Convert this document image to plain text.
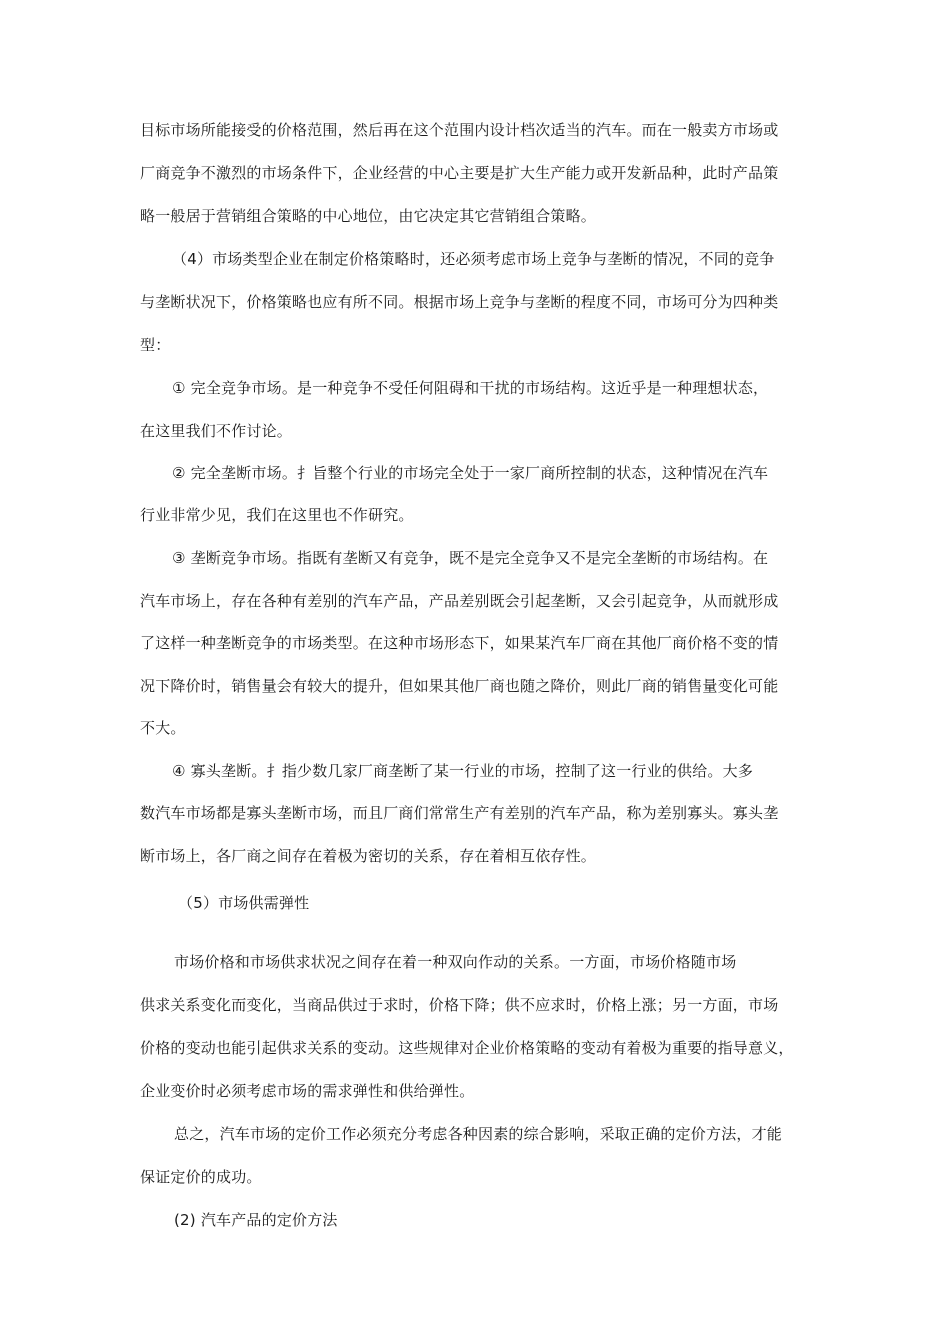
目标市场所能接受的价格范围，然后再在这个范围内设计档次适当的汽车。而在一般卖方市场或
厂商竞争不激烈的市场条件下，企业经营的中心主要是扩大生产能力或开发新品种，此时产品策
略一般居于营销组合策略的中心地位，由它决定其它营销组合策略。
（4）市场类型企业在制定价格策略时，还必须考虑市场上竞争与垄断的情况，不同的竞争
与垄断状况下，价格策略也应有所不同。根据市场上竞争与垄断的程度不同，市场可分为四种类
型：
① 完全竞争市场。是一种竞争不受任何阻碍和干扰的市场结构。这近乎是一种理想状态，
在这里我们不作讨论。
② 完全垄断市场。扌旨整个行业的市场完全处于一家厂商所控制的状态，这种情况在汽车
行业非常少见，我们在这里也不作研究。
③ 垄断竞争市场。指既有垄断又有竞争，既不是完全竞争又不是完全垄断的市场结构。在
汽车市场上，存在各种有差别的汽车产品，产品差别既会引起垄断，又会引起竞争，从而就形成
了这样一种垄断竞争的市场类型。在这种市场形态下，如果某汽车厂商在其他厂商价格不变的情
况下降价时，销售量会有较大的提升，但如果其他厂商也随之降价，则此厂商的销售量变化可能
不大。
④ 寡头垄断。扌指少数几家厂商垄断了某一行业的市场，控制了这一行业的供给。大多
数汽车市场都是寡头垄断市场，而且厂商们常常生产有差别的汽车产品，称为差别寡头。寡头垄
断市场上，各厂商之间存在着极为密切的关系，存在着相互依存性。
（5）市场供需弹性
市场价格和市场供求状况之间存在着一种双向作动的关系。一方面，市场价格随市场
供求关系变化而变化，当商品供过于求时，价格下降；供不应求时，价格上涨；另一方面，市场
价格的变动也能引起供求关系的变动。这些规律对企业价格策略的变动有着极为重要的指导意义，
企业变价时必须考虑市场的需求弹性和供给弹性。
总之，汽车市场的定价工作必须充分考虑各种因素的综合影响，采取正确的定价方法，才能
保证定价的成功。
(2) 汽车产品的定价方法
